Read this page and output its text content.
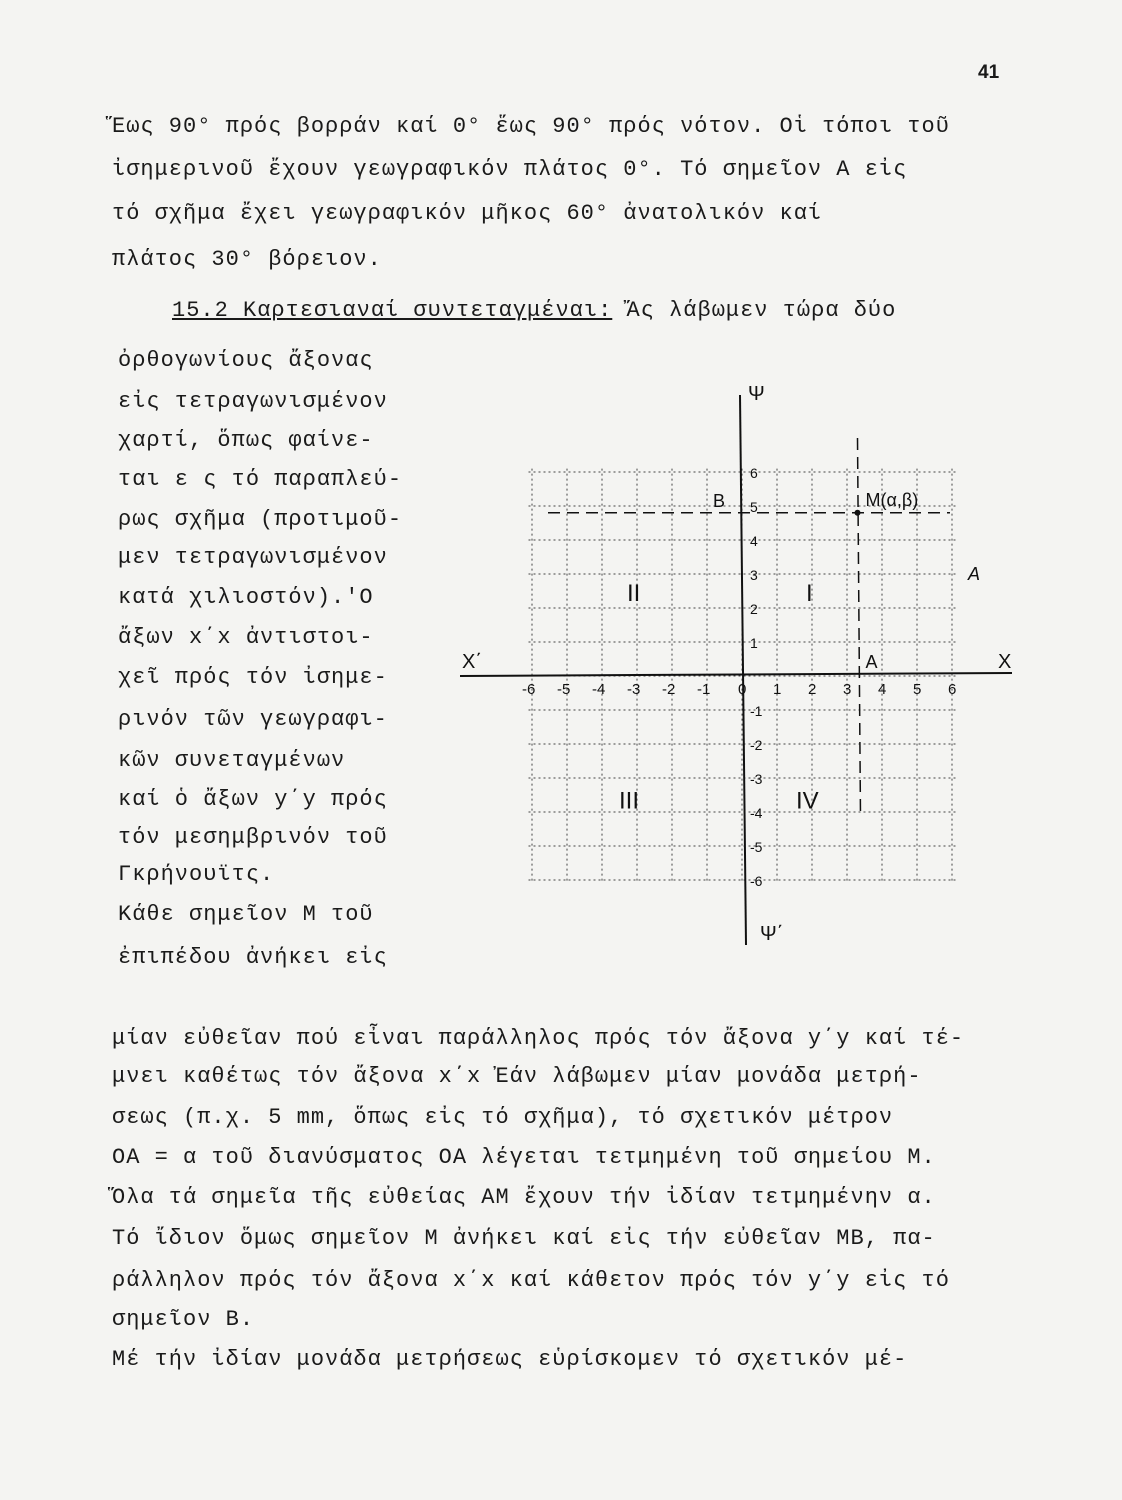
41
Ἕως 90° πρός βορράν καί 0° ἕως 90° πρός νότον. Οἱ τόποι τοῦ
ἰσημερινοῦ ἔχουν γεωγραφικόν πλάτος 0°. Τό σημεῖον Α εἰς
τό σχῆμα ἔχει γεωγραφικόν μῆκος 60° ἀνατολικόν καί
πλάτος 30° βόρειον.
15.2 Καρτεσιαναί συντεταγμέναι: Ἄς λάβωμεν τώρα δύο
ὀρθογωνίους ἄξονας
εἰς τετραγωνισμένον
χαρτί, ὅπως φαίνε-
ται ε ς τό παραπλεύ-
ρως σχῆμα (προτιμοῦ-
μεν τετραγωνισμένον
κατά χιλιοστόν).'Ο
ἄξων x΄x ἀντιστοι-
χεῖ πρός τόν ἰσημε-
ρινόν τῶν γεωγραφι-
κῶν συνεταγμένων
καί ὁ ἄξων y΄y πρός
τόν μεσημβρινόν τοῦ
Γκρήνουϊτς.
Κάθε σημεῖον Μ τοῦ
ἐπιπέδου ἀνήκει εἰς
μίαν εὐθεῖαν πού εἶναι παράλληλος πρός τόν ἄξονα y΄y καί τέ-
μνει καθέτως τόν ἄξονα x΄x Ἐάν λάβωμεν μίαν μονάδα μετρή-
σεως (π.χ. 5 mm, ὅπως εἰς τό σχῆμα), τό σχετικόν μέτρον
ΟΑ = α τοῦ διανύσματος ΟΑ λέγεται τετμημένη τοῦ σημείου Μ.
Ὅλα τά σημεῖα τῆς εὐθείας ΑΜ ἔχουν τήν ἰδίαν τετμημένην α.
Τό ἴδιον ὅμως σημεῖον Μ ἀνήκει καί εἰς τήν εὐθεῖαν ΜΒ, πα-
ράλληλον πρός τόν ἄξονα x΄x καί κάθετον πρός τόν y΄y εἰς τό
σημεῖον Β.
Μέ τήν ἰδίαν μονάδα μετρήσεως εὑρίσκομεν τό σχετικόν μέ-
X
X΄
Ψ
Ψ΄
-6 -5 -4 -3 -2 -1 0 1 2 3 4 5 6
6
5
4
3
2
1
-1
-2
-3
-4
-5
-6
II	I
III	IV
M(α,β)
A
B
A
